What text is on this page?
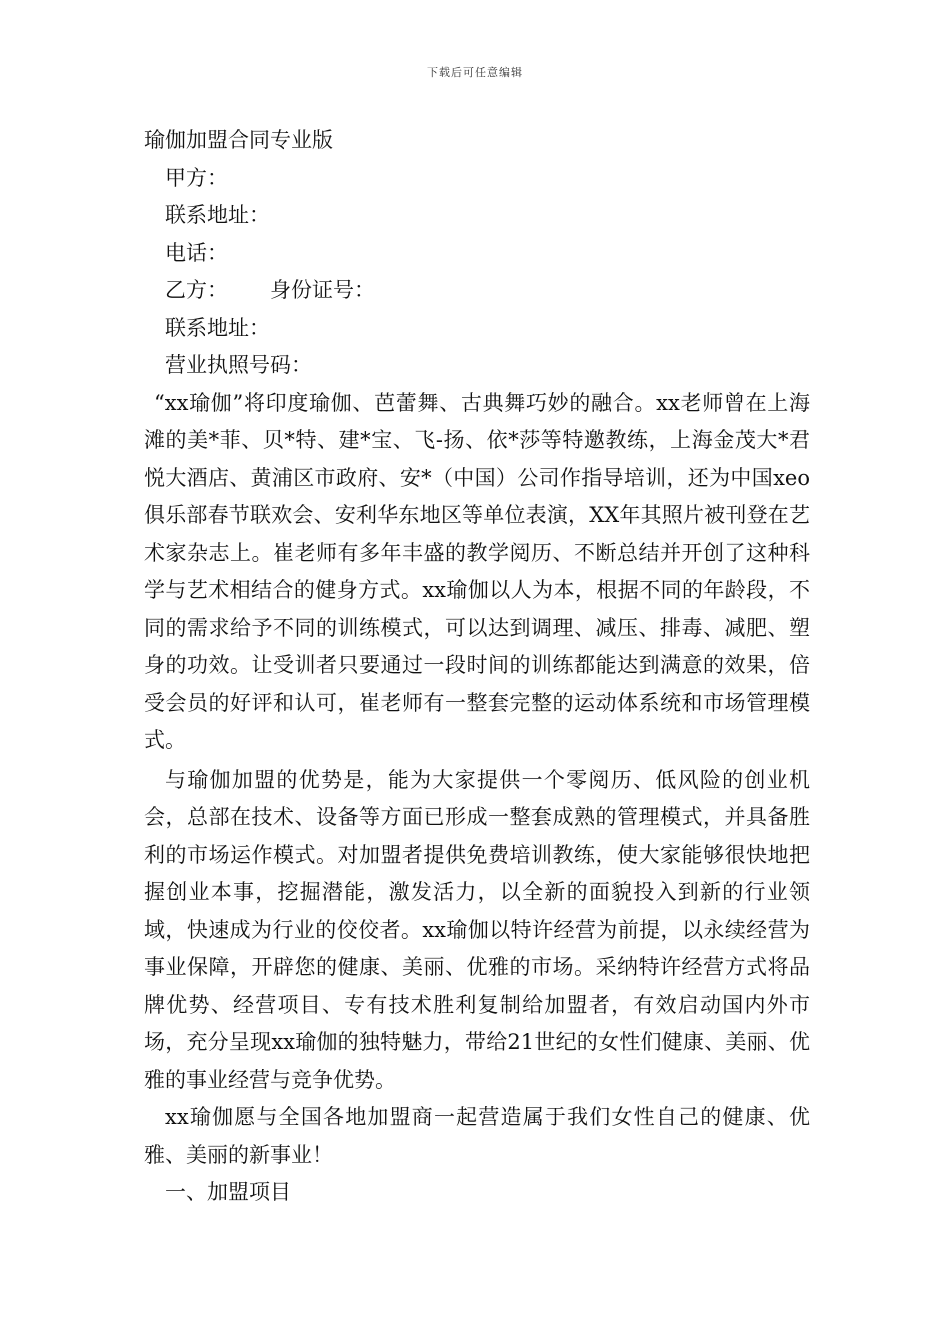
下载后可任意编辑

瑜伽加盟合同专业版

甲方：

联系地址：

电话：

乙方： 身份证号：

联系地址：

营业执照号码：

“xx瑜伽”将印度瑜伽、芭蕾舞、古典舞巧妙的融合。xx老师曾在上海滩的美*菲、贝*特、建*宝、飞-扬、依*莎等特邀教练，上海金茂大*君悦大酒店、黄浦区市政府、安*（中国）公司作指导培训，还为中国xeo俱乐部春节联欢会、安利华东地区等单位表演，XX年其照片被刊登在艺术家杂志上。崔老师有多年丰盛的教学阅历、不断总结并开创了这种科学与艺术相结合的健身方式。xx瑜伽以人为本，根据不同的年龄段，不同的需求给予不同的训练模式，可以达到调理、减压、排毒、减肥、塑身的功效。让受训者只要通过一段时间的训练都能达到满意的效果，倍受会员的好评和认可，崔老师有一整套完整的运动体系统和市场管理模式。

与瑜伽加盟的优势是，能为大家提供一个零阅历、低风险的创业机会，总部在技术、设备等方面已形成一整套成熟的管理模式，并具备胜利的市场运作模式。对加盟者提供免费培训教练，使大家能够很快地把握创业本事，挖掘潜能，激发活力，以全新的面貌投入到新的行业领域，快速成为行业的佼佼者。xx瑜伽以特许经营为前提，以永续经营为事业保障，开辟您的健康、美丽、优雅的市场。采纳特许经营方式将品牌优势、经营项目、专有技术胜利复制给加盟者，有效启动国内外市场，充分呈现xx瑜伽的独特魅力，带给21世纪的女性们健康、美丽、优雅的事业经营与竞争优势。

xx瑜伽愿与全国各地加盟商一起营造属于我们女性自己的健康、优雅、美丽的新事业！

一、加盟项目
